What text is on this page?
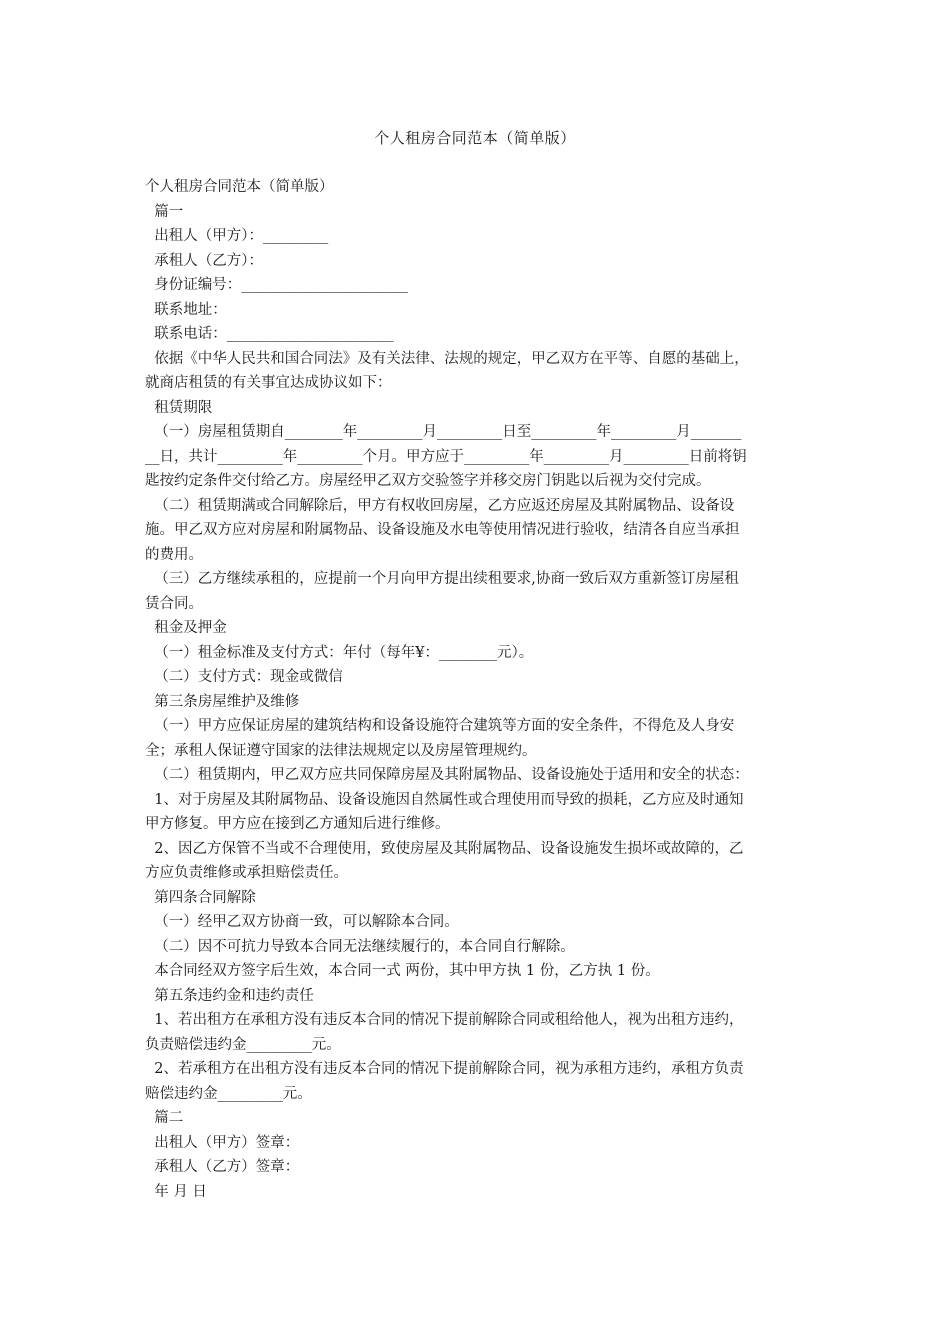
个人租房合同范本（简单版）
个人租房合同范本（简单版）
篇一
出租人（甲方）：_________
承租人（乙方）：
身份证编号：_______________________
联系地址：
联系电话：_______________________
依据《中华人民共和国合同法》及有关法律、法规的规定，甲乙双方在平等、自愿的基础上，
就商店租赁的有关事宜达成协议如下：
租赁期限
（一）房屋租赁期自________年_________月_________日至_________年_________月_______
__日，共计_________年_________个月。甲方应于_________年_________月_________日前将钥
匙按约定条件交付给乙方。房屋经甲乙双方交验签字并移交房门钥匙以后视为交付完成。
（二）租赁期满或合同解除后，甲方有权收回房屋，乙方应返还房屋及其附属物品、设备设
施。甲乙双方应对房屋和附属物品、设备设施及水电等使用情况进行验收，结清各自应当承担
的费用。
（三）乙方继续承租的，应提前一个月向甲方提出续租要求,协商一致后双方重新签订房屋租
赁合同。
租金及押金
（一）租金标准及支付方式：年付（每年¥：________元）。
（二）支付方式：现金或微信
第三条房屋维护及维修
（一）甲方应保证房屋的建筑结构和设备设施符合建筑等方面的安全条件，不得危及人身安
全；承租人保证遵守国家的法律法规规定以及房屋管理规约。
（二）租赁期内，甲乙双方应共同保障房屋及其附属物品、设备设施处于适用和安全的状态：
1、对于房屋及其附属物品、设备设施因自然属性或合理使用而导致的损耗，乙方应及时通知
甲方修复。甲方应在接到乙方通知后进行维修。
2、因乙方保管不当或不合理使用，致使房屋及其附属物品、设备设施发生损坏或故障的，乙
方应负责维修或承担赔偿责任。
第四条合同解除
（一）经甲乙双方协商一致，可以解除本合同。
（二）因不可抗力导致本合同无法继续履行的，本合同自行解除。
本合同经双方签字后生效，本合同一式 两份，其中甲方执 1 份，乙方执 1 份。
第五条违约金和违约责任
1、若出租方在承租方没有违反本合同的情况下提前解除合同或租给他人，视为出租方违约，
负责赔偿违约金_________元。
2、若承租方在出租方没有违反本合同的情况下提前解除合同，视为承租方违约，承租方负责
赔偿违约金_________元。
篇二
出租人（甲方）签章：
承租人（乙方）签章：
年 月 日
